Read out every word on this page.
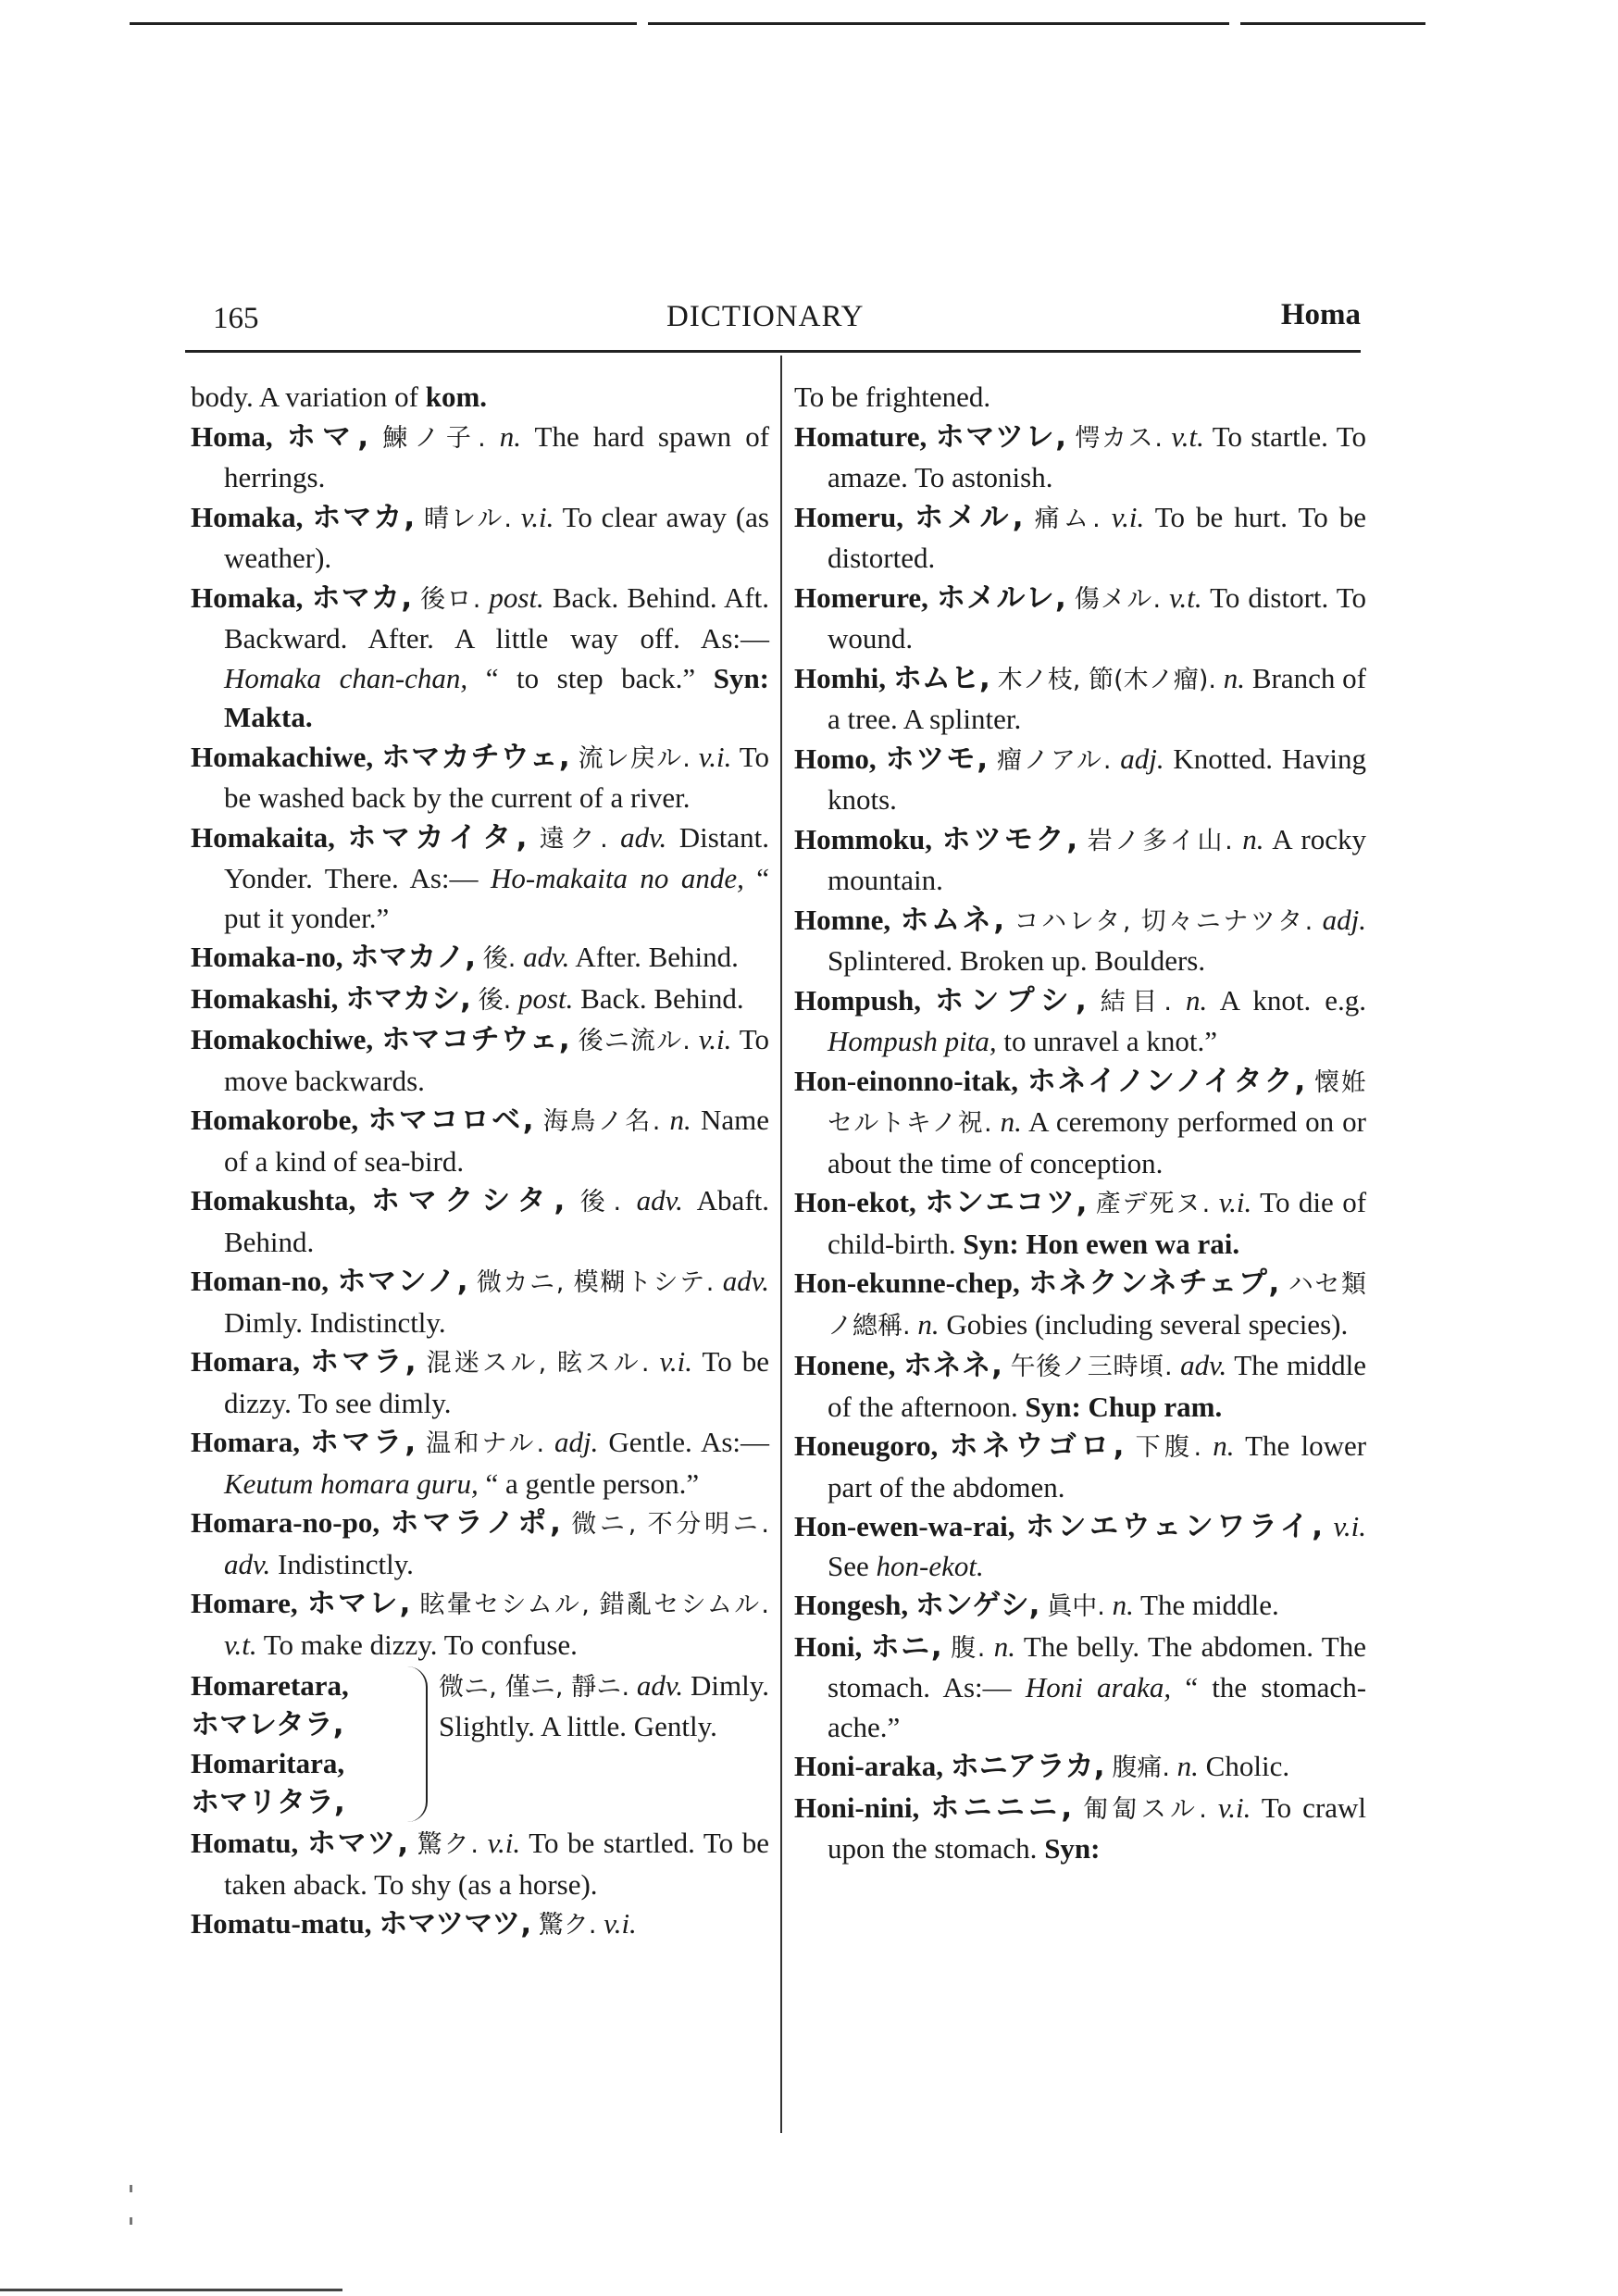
165	DICTIONARY	Homa

body. A variation of kom.

Homa, ホマ, 鰊ノ子. n. The hard spawn of herrings.

Homaka, ホマカ, 晴レル. v.i. To clear away (as weather).

Homaka, ホマカ, 後ロ. post. Back. Behind. Aft. Backward. After. A little way off. As:— Homaka chan-chan, “ to step back.” Syn: Makta.

Homakachiwe, ホマカチウェ, 流レ戻ル. v.i. To be washed back by the current of a river.

Homakaita, ホマカイタ, 遠ク. adv. Distant. Yonder. There. As:— Ho-makaita no ande, “ put it yonder.”

Homaka-no, ホマカノ, 後. adv. After. Behind.

Homakashi, ホマカシ, 後. post. Back. Behind.

Homakochiwe, ホマコチウェ, 後ニ流ル. v.i. To move backwards.

Homakorobe, ホマコロベ, 海鳥ノ名. n. Name of a kind of sea-bird.

Homakushta, ホマクシタ, 後. adv. Abaft. Behind.

Homan-no, ホマンノ, 微カニ, 模糊トシテ. adv. Dimly. Indistinctly.

Homara, ホマラ, 混迷スル, 眩スル. v.i. To be dizzy. To see dimly.

Homara, ホマラ, 温和ナル. adj. Gentle. As:— Keutum homara guru, “ a gentle person.”

Homara-no-po, ホマラノポ, 微ニ, 不分明ニ. adv. Indistinctly.

Homare, ホマレ, 眩暈セシムル, 錯亂セシムル. v.t. To make dizzy. To confuse.

Homaretara,
ホマレタラ,
Homaritara,
ホマリタラ,
微ニ, 僅ニ, 靜ニ. adv. Dimly. Slightly. A little. Gently.

Homatu, ホマツ, 驚ク. v.i. To be startled. To be taken aback. To shy (as a horse).

Homatu-matu, ホマツマツ, 驚ク. v.i.

To be frightened.

Homature, ホマツレ, 愕カス. v.t. To startle. To amaze. To astonish.

Homeru, ホメル, 痛ム. v.i. To be hurt. To be distorted.

Homerure, ホメルレ, 傷メル. v.t. To distort. To wound.

Homhi, ホムヒ, 木ノ枝, 節(木ノ瘤). n. Branch of a tree. A splinter.

Homo, ホツモ, 瘤ノアル. adj. Knotted. Having knots.

Hommoku, ホツモク, 岩ノ多イ山. n. A rocky mountain.

Homne, ホムネ, コハレタ, 切々ニナツタ. adj. Splintered. Broken up. Boulders.

Hompush, ホンプシ, 結目. n. A knot. e.g. Hompush pita, to unravel a knot.”

Hon-einonno-itak, ホネイノンノイタク, 懐姙セルトキノ祝. n. A ceremony performed on or about the time of conception.

Hon-ekot, ホンエコツ, 產デ死ヌ. v.i. To die of child-birth. Syn: Hon ewen wa rai.

Hon-ekunne-chep, ホネクンネチェプ, ハセ類ノ總稱. n. Gobies (including several species).

Honene, ホネネ, 午後ノ三時頃. adv. The middle of the afternoon. Syn: Chup ram.

Honeugoro, ホネウゴロ, 下腹. n. The lower part of the abdomen.

Hon-ewen-wa-rai, ホンエウェンワライ, v.i. See hon-ekot.

Hongesh, ホンゲシ, 眞中. n. The middle.

Honi, ホニ, 腹. n. The belly. The abdomen. The stomach. As:— Honi araka, “ the stomach-ache.”

Honi-araka, ホニアラカ, 腹痛. n. Cholic.

Honi-nini, ホニニニ, 匍匐スル. v.i. To crawl upon the stomach. Syn:
